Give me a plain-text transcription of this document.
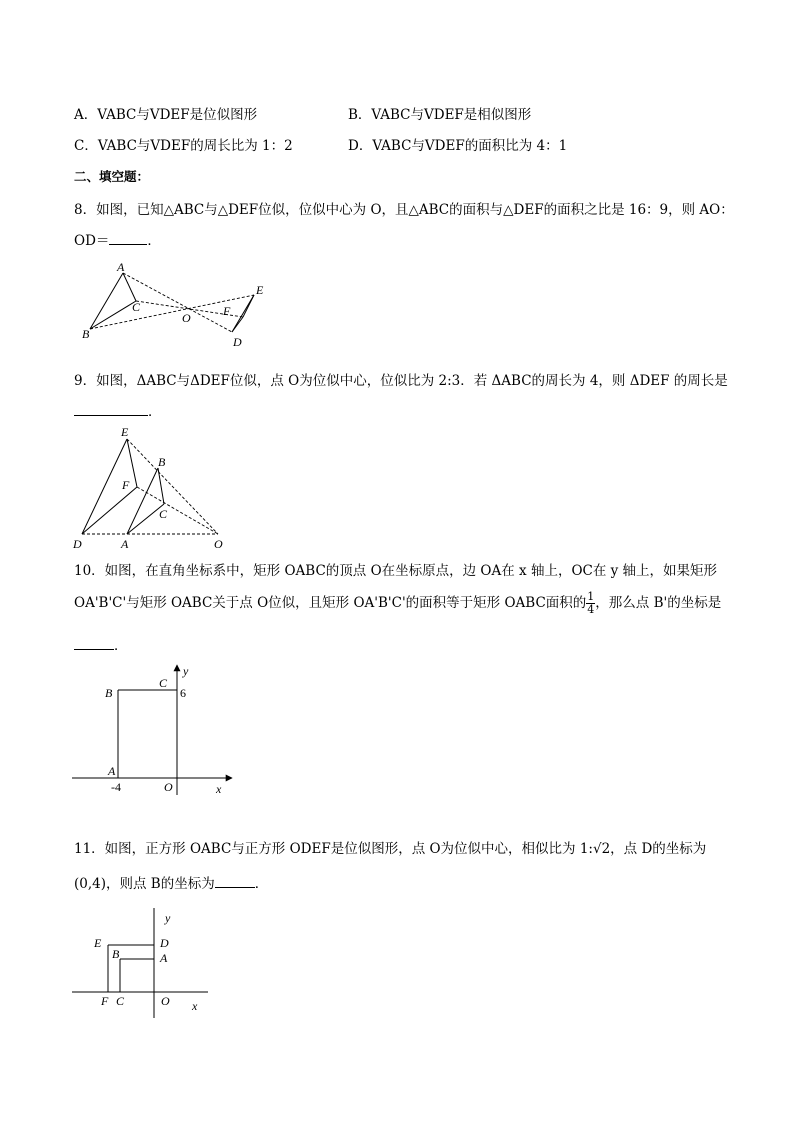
A．VABC与VDEF是位似图形	B．VABC与VDEF是相似图形
C．VABC与VDEF的周长比为 1：2	D．VABC与VDEF的面积比为 4：1
二、填空题：
8．如图，已知△ABC与△DEF位似，位似中心为 O，且△ABC的面积与△DEF的面积之比是 16：9，则 AO：
OD＝	．
A
B
C
O
E
F
D
9．如图，ΔABC与ΔDEF位似，点 O为位似中心，位似比为 2:3．若 ΔABC的周长为 4，则 ΔDEF 的周长是
．
E
B
F
C
D	A	O
10．如图，在直角坐标系中，矩形 OABC的顶点 O在坐标原点，边 OA在 x 轴上，OC在 y 轴上，如果矩形
OA'B'C'与矩形 OABC关于点 O位似，且矩形 OA'B'C'的面积等于矩形 OABC面积的 $\frac{1}{4}$ ，那么点 B'的坐标是
．
y
C
6
B
A
-4	O	x
11．如图，正方形 OABC与正方形 ODEF是位似图形，点 O为位似中心，相似比为 1:√2，点 D的坐标为
(0,4)，则点 B的坐标为	．
y
E	D
B	A
F C	O x
